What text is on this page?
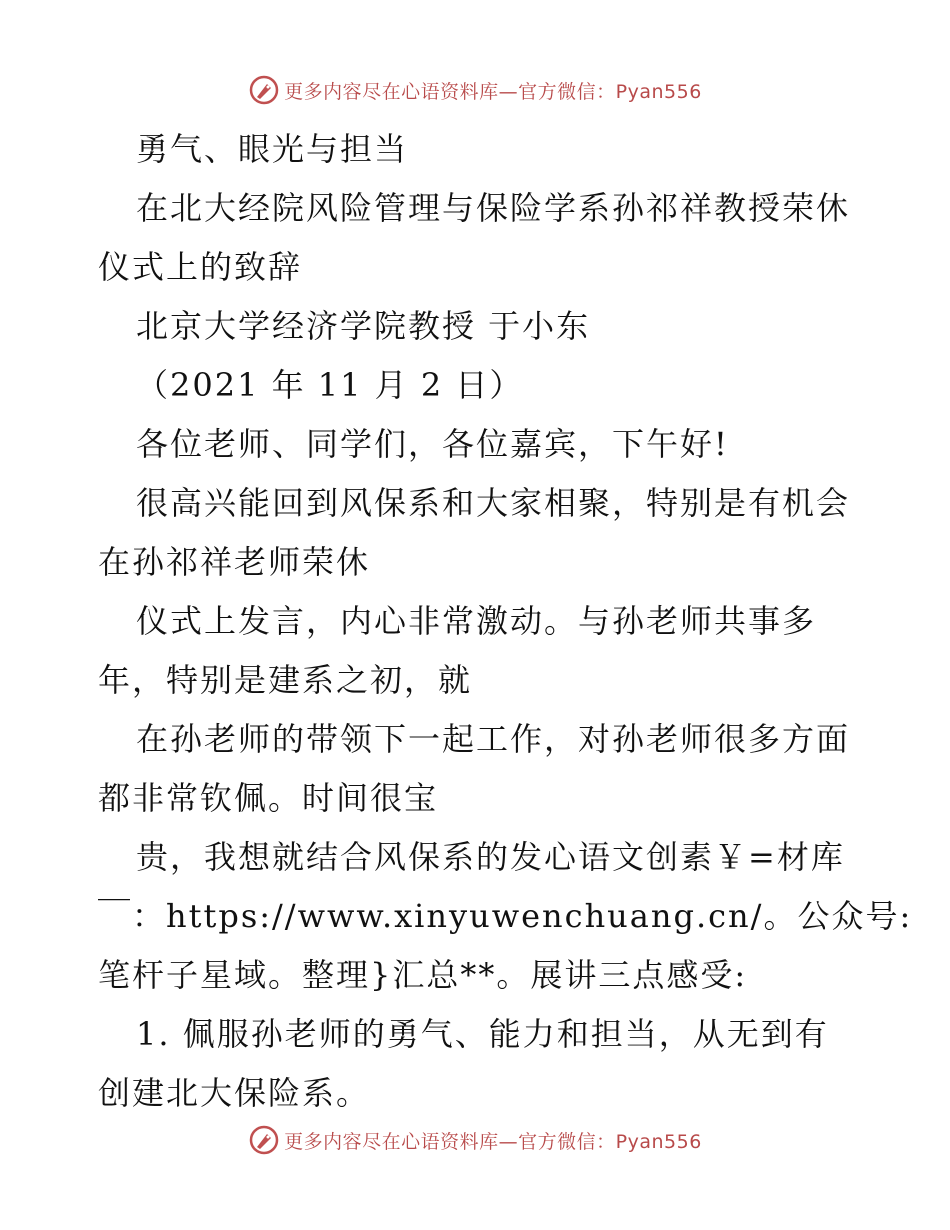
更多内容尽在心语资料库—官方微信：Pyan556
勇气、眼光与担当
在北大经院风险管理与保险学系孙祁祥教授荣休
仪式上的致辞
北京大学经济学院教授 于小东
（2021 年 11 月 2 日）
各位老师、同学们，各位嘉宾，下午好!
很高兴能回到风保系和大家相聚，特别是有机会
在孙祁祥老师荣休
仪式上发言，内心非常激动。与孙老师共事多
年，特别是建系之初，就
在孙老师的带领下一起工作，对孙老师很多方面
都非常钦佩。时间很宝
贵，我想就结合风保系的发心语文创素￥=材库
￣：https://www.xinyuwenchuang.cn/。公众号:
笔杆子星域。整理}汇总**。展讲三点感受:
1. 佩服孙老师的勇气、能力和担当，从无到有
创建北大保险系。
更多内容尽在心语资料库—官方微信：Pyan556
